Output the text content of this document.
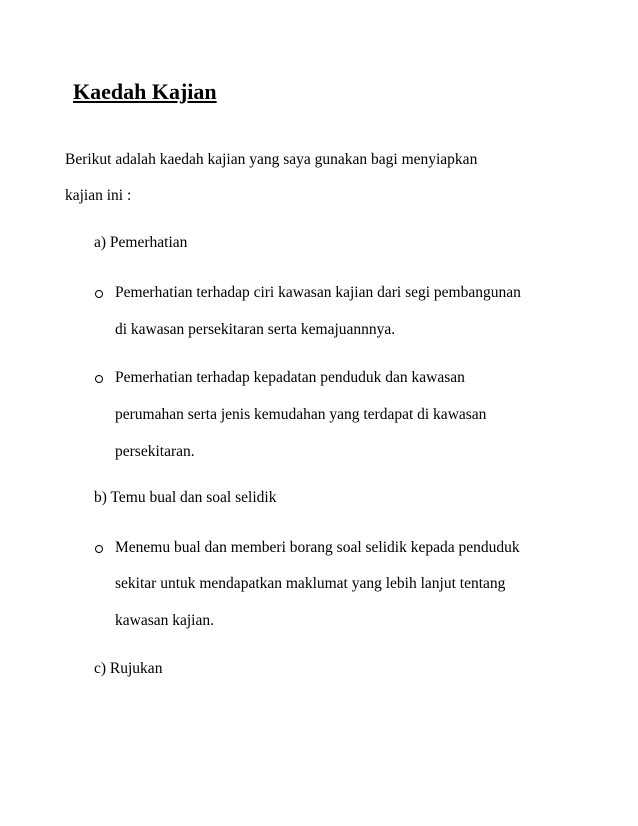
Kaedah Kajian
Berikut adalah kaedah kajian yang saya gunakan bagi menyiapkan
kajian ini :
a) Pemerhatian
Pemerhatian terhadap ciri kawasan kajian dari segi pembangunan
di kawasan persekitaran serta kemajuannnya.
Pemerhatian terhadap kepadatan penduduk dan kawasan
perumahan serta jenis kemudahan yang terdapat di kawasan
persekitaran.
b) Temu bual dan soal selidik
Menemu bual dan memberi borang soal selidik kepada penduduk
sekitar untuk mendapatkan maklumat yang lebih lanjut tentang
kawasan kajian.
c) Rujukan
